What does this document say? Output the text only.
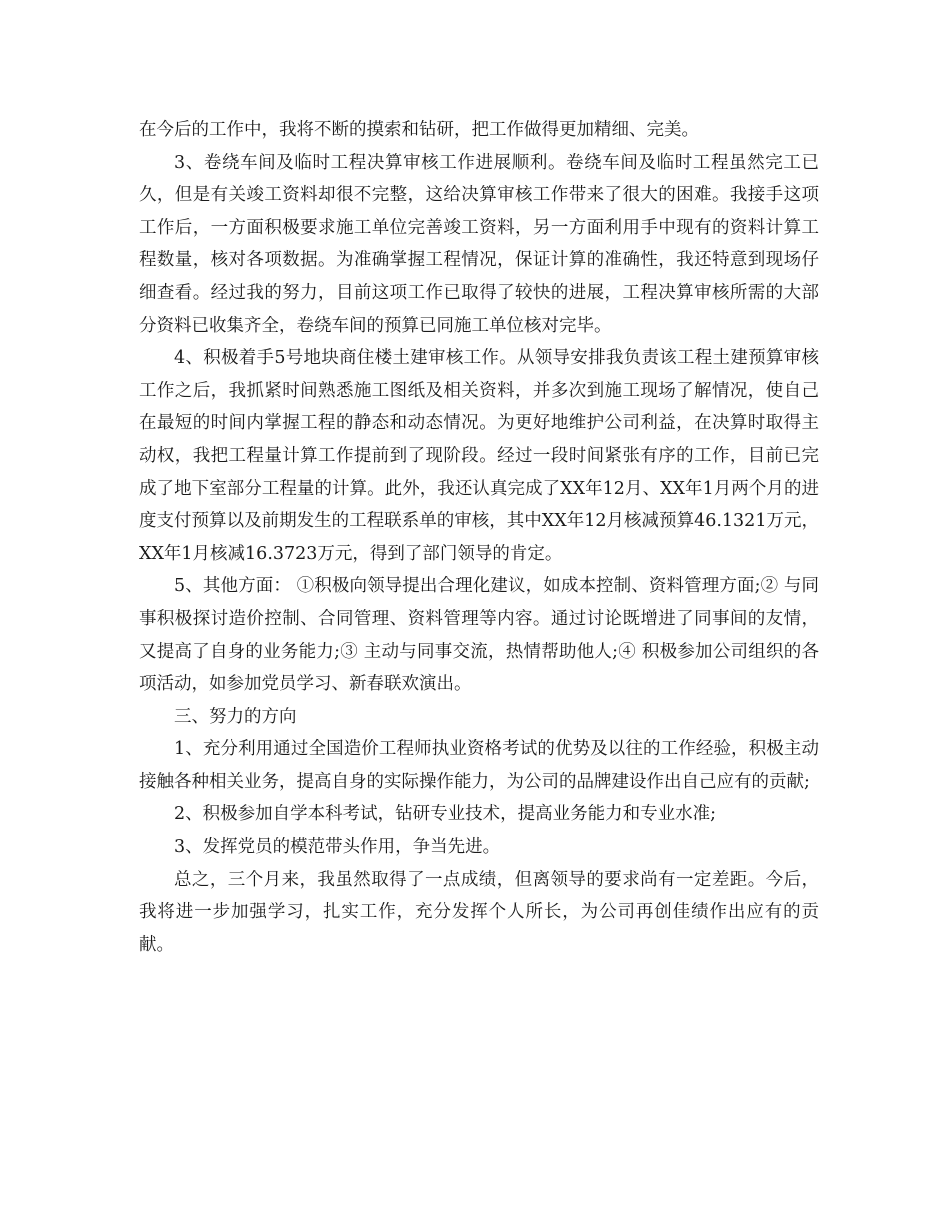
在今后的工作中，我将不断的摸索和钻研，把工作做得更加精细、完美。

3、卷绕车间及临时工程决算审核工作进展顺利。卷绕车间及临时工程虽然完工已久，但是有关竣工资料却很不完整，这给决算审核工作带来了很大的困难。我接手这项工作后，一方面积极要求施工单位完善竣工资料，另一方面利用手中现有的资料计算工程数量，核对各项数据。为准确掌握工程情况，保证计算的准确性，我还特意到现场仔细查看。经过我的努力，目前这项工作已取得了较快的进展，工程决算审核所需的大部分资料已收集齐全，卷绕车间的预算已同施工单位核对完毕。

4、积极着手5号地块商住楼土建审核工作。从领导安排我负责该工程土建预算审核工作之后，我抓紧时间熟悉施工图纸及相关资料，并多次到施工现场了解情况，使自己在最短的时间内掌握工程的静态和动态情况。为更好地维护公司利益，在决算时取得主动权，我把工程量计算工作提前到了现阶段。经过一段时间紧张有序的工作，目前已完成了地下室部分工程量的计算。此外，我还认真完成了XX年12月、XX年1月两个月的进度支付预算以及前期发生的工程联系单的审核，其中XX年12月核减预算46.1321万元，XX年1月核减16.3723万元，得到了部门领导的肯定。

5、其他方面： ①积极向领导提出合理化建议，如成本控制、资料管理方面;② 与同事积极探讨造价控制、合同管理、资料管理等内容。通过讨论既增进了同事间的友情，又提高了自身的业务能力;③ 主动与同事交流，热情帮助他人;④ 积极参加公司组织的各项活动，如参加党员学习、新春联欢演出。

三、努力的方向

1、充分利用通过全国造价工程师执业资格考试的优势及以往的工作经验，积极主动接触各种相关业务，提高自身的实际操作能力，为公司的品牌建设作出自己应有的贡献;

2、积极参加自学本科考试，钻研专业技术，提高业务能力和专业水准;

3、发挥党员的模范带头作用，争当先进。

总之，三个月来，我虽然取得了一点成绩，但离领导的要求尚有一定差距。今后，我将进一步加强学习，扎实工作，充分发挥个人所长，为公司再创佳绩作出应有的贡献。
